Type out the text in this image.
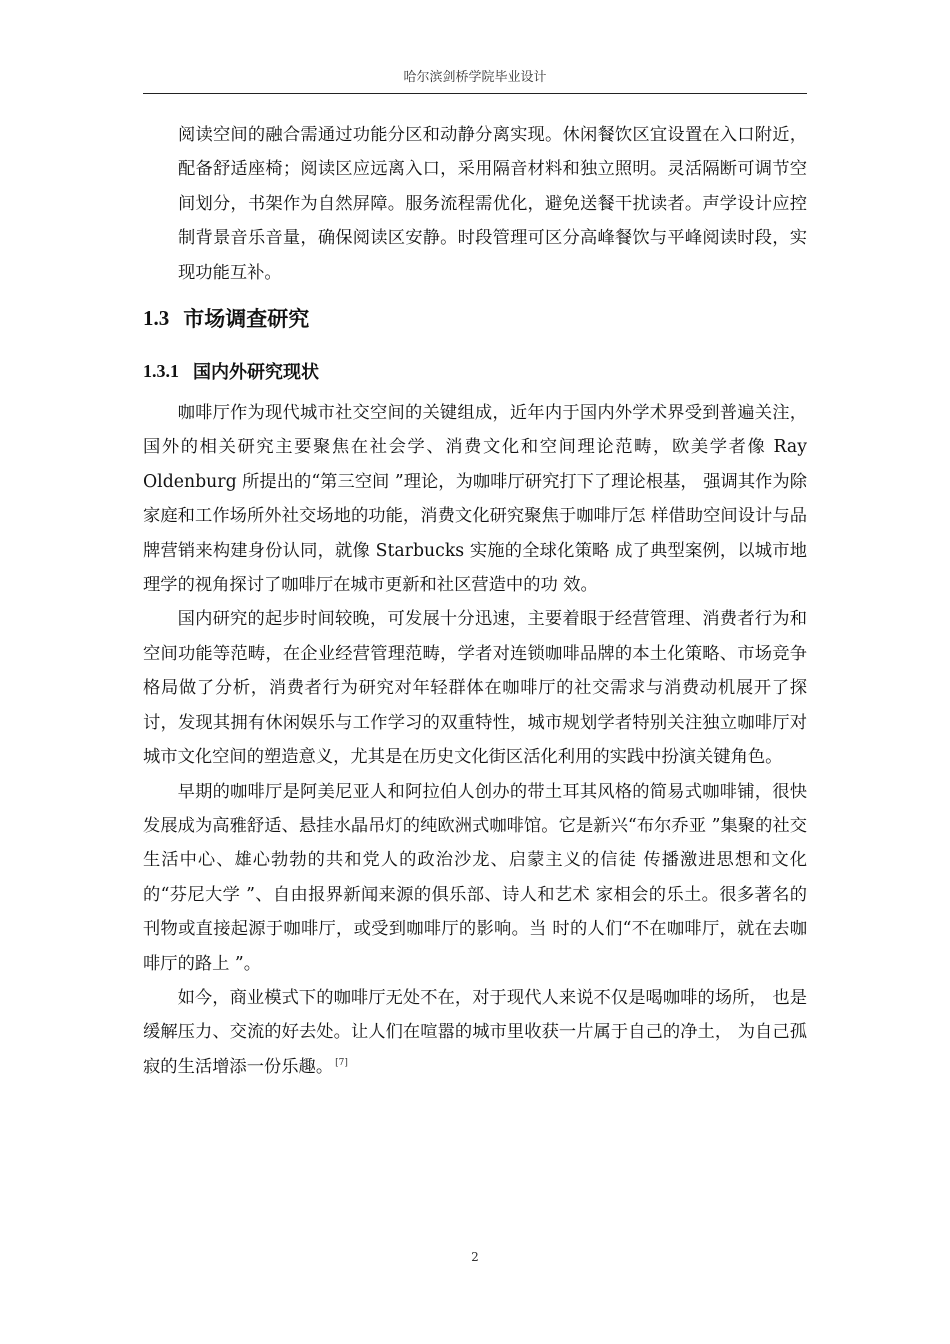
哈尔滨剑桥学院毕业设计

阅读空间的融合需通过功能分区和动静分离实现。休闲餐饮区宜设置在入口附近，配备舒适座椅；阅读区应远离入口，采用隔音材料和独立照明。灵活隔断可调节空间划分，书架作为自然屏障。服务流程需优化，避免送餐干扰读者。声学设计应控制背景音乐音量，确保阅读区安静。时段管理可区分高峰餐饮与平峰阅读时段，实现功能互补。

1.3 市场调查研究
1.3.1 国内外研究现状

咖啡厅作为现代城市社交空间的关键组成，近年内于国内外学术界受到普遍关注，国外的相关研究主要聚焦在社会学、消费文化和空间理论范畴，欧美学者像 Ray Oldenburg 所提出的“第三空间 ”理论，为咖啡厅研究打下了理论根基， 强调其作为除家庭和工作场所外社交场地的功能，消费文化研究聚焦于咖啡厅怎 样借助空间设计与品牌营销来构建身份认同，就像 Starbucks 实施的全球化策略 成了典型案例，以城市地理学的视角探讨了咖啡厅在城市更新和社区营造中的功 效。

国内研究的起步时间较晚，可发展十分迅速，主要着眼于经营管理、消费者行为和空间功能等范畴，在企业经营管理范畴，学者对连锁咖啡品牌的本土化策略、市场竞争格局做了分析，消费者行为研究对年轻群体在咖啡厅的社交需求与消费动机展开了探讨，发现其拥有休闲娱乐与工作学习的双重特性，城市规划学者特别关注独立咖啡厅对城市文化空间的塑造意义，尤其是在历史文化街区活化利用的实践中扮演关键角色。

早期的咖啡厅是阿美尼亚人和阿拉伯人创办的带土耳其风格的简易式咖啡铺，很快发展成为高雅舒适、悬挂水晶吊灯的纯欧洲式咖啡馆。它是新兴“布尔乔亚 ”集聚的社交生活中心、雄心勃勃的共和党人的政治沙龙、启蒙主义的信徒 传播激进思想和文化的“芬尼大学 ”、自由报界新闻来源的俱乐部、诗人和艺术 家相会的乐土。很多著名的刊物或直接起源于咖啡厅，或受到咖啡厅的影响。当 时的人们“不在咖啡厅，就在去咖啡厅的路上 ”。

如今，商业模式下的咖啡厅无处不在，对于现代人来说不仅是喝咖啡的场所， 也是缓解压力、交流的好去处。让人们在喧嚣的城市里收获一片属于自己的净土， 为自己孤寂的生活增添一份乐趣。 [7]

2
